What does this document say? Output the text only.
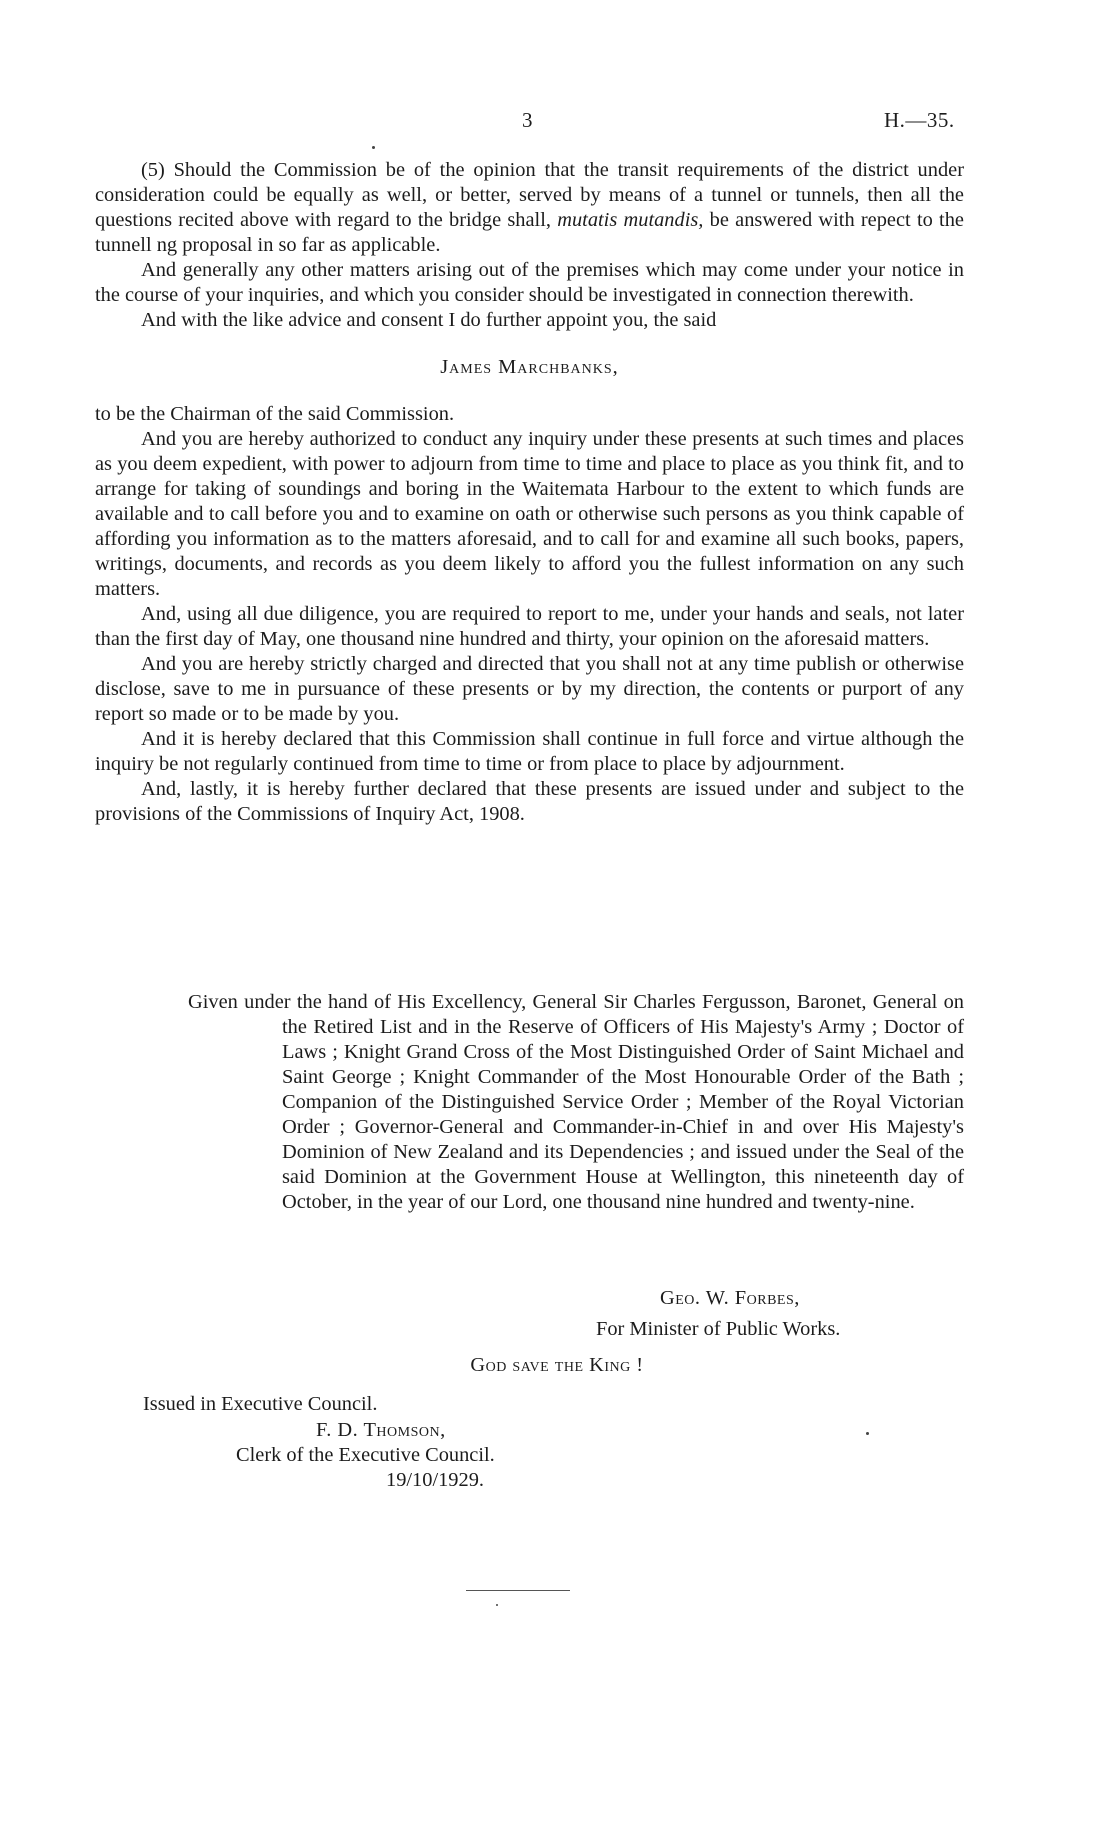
3	H.—35.

(5) Should the Commission be of the opinion that the transit requirements of the district under consideration could be equally as well, or better, served by means of a tunnel or tunnels, then all the questions recited above with regard to the bridge shall, mutatis mutandis, be answered with repect to the tunnell ng proposal in so far as applicable.

And generally any other matters arising out of the premises which may come under your notice in the course of your inquiries, and which you consider should be investigated in connection therewith.

And with the like advice and consent I do further appoint you, the said

James Marchbanks,

to be the Chairman of the said Commission.

And you are hereby authorized to conduct any inquiry under these presents at such times and places as you deem expedient, with power to adjourn from time to time and place to place as you think fit, and to arrange for taking of soundings and boring in the Waitemata Harbour to the extent to which funds are available and to call before you and to examine on oath or otherwise such persons as you think capable of affording you information as to the matters aforesaid, and to call for and examine all such books, papers, writings, documents, and records as you deem likely to afford you the fullest information on any such matters.

And, using all due diligence, you are required to report to me, under your hands and seals, not later than the first day of May, one thousand nine hundred and thirty, your opinion on the aforesaid matters.

And you are hereby strictly charged and directed that you shall not at any time publish or otherwise disclose, save to me in pursuance of these presents or by my direction, the contents or purport of any report so made or to be made by you.

And it is hereby declared that this Commission shall continue in full force and virtue although the inquiry be not regularly continued from time to time or from place to place by adjournment.

And, lastly, it is hereby further declared that these presents are issued under and subject to the provisions of the Commissions of Inquiry Act, 1908.

Given under the hand of His Excellency, General Sir Charles Fergusson, Baronet, General on the Retired List and in the Reserve of Officers of His Majesty's Army ; Doctor of Laws ; Knight Grand Cross of the Most Distinguished Order of Saint Michael and Saint George ; Knight Commander of the Most Honourable Order of the Bath ; Companion of the Distinguished Service Order ; Member of the Royal Victorian Order ; Governor-General and Commander-in-Chief in and over His Majesty's Dominion of New Zealand and its Dependencies ; and issued under the Seal of the said Dominion at the Government House at Wellington, this nineteenth day of October, in the year of our Lord, one thousand nine hundred and twenty-nine.

Geo. W. Forbes,
For Minister of Public Works.
God save the King !
Issued in Executive Council.
F. D. Thomson,
Clerk of the Executive Council.
19/10/1929.
